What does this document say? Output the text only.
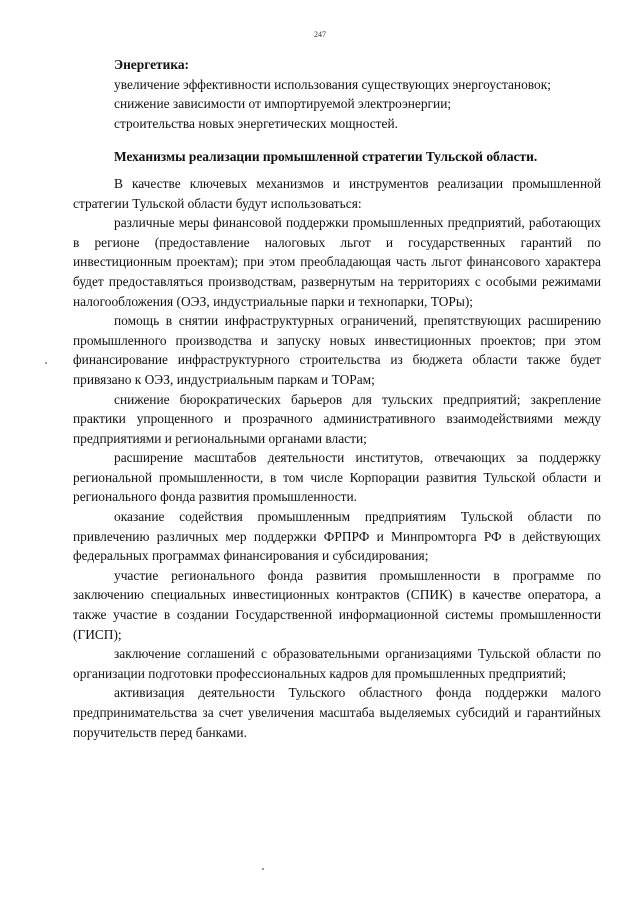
247
Энергетика:

увеличение эффективности использования существующих энергоустановок;

снижение зависимости от импортируемой электроэнергии;

строительства новых энергетических мощностей.

Механизмы реализации промышленной стратегии Тульской области.

В качестве ключевых механизмов и инструментов реализации промышленной стратегии Тульской области будут использоваться:

различные меры финансовой поддержки промышленных предприятий, работающих в регионе (предоставление налоговых льгот и государственных гарантий по инвестиционным проектам); при этом преобладающая часть льгот финансового характера будет предоставляться производствам, развернутым на территориях с особыми режимами налогообложения (ОЭЗ, индустриальные парки и технопарки, ТОРы);

помощь в снятии инфраструктурных ограничений, препятствующих расширению промышленного производства и запуску новых инвестиционных проектов; при этом финансирование инфраструктурного строительства из бюджета области также будет привязано к ОЭЗ, индустриальным паркам и ТОРам;

снижение бюрократических барьеров для тульских предприятий; закрепление практики упрощенного и прозрачного административного взаимодействиями между предприятиями и региональными органами власти;

расширение масштабов деятельности институтов, отвечающих за поддержку региональной промышленности, в том числе Корпорации развития Тульской области и регионального фонда развития промышленности.

оказание содействия промышленным предприятиям Тульской области по привлечению различных мер поддержки ФРПРФ и Минпромторга РФ в действующих федеральных программах финансирования и субсидирования;

участие регионального фонда развития промышленности в программе по заключению специальных инвестиционных контрактов (СПИК) в качестве оператора, а также участие в создании Государственной информационной системы промышленности (ГИСП);

заключение соглашений с образовательными организациями Тульской области по организации подготовки профессиональных кадров для промышленных предприятий;

активизация деятельности Тульского областного фонда поддержки малого предпринимательства за счет увеличения масштаба выделяемых субсидий и гарантийных поручительств перед банками.
